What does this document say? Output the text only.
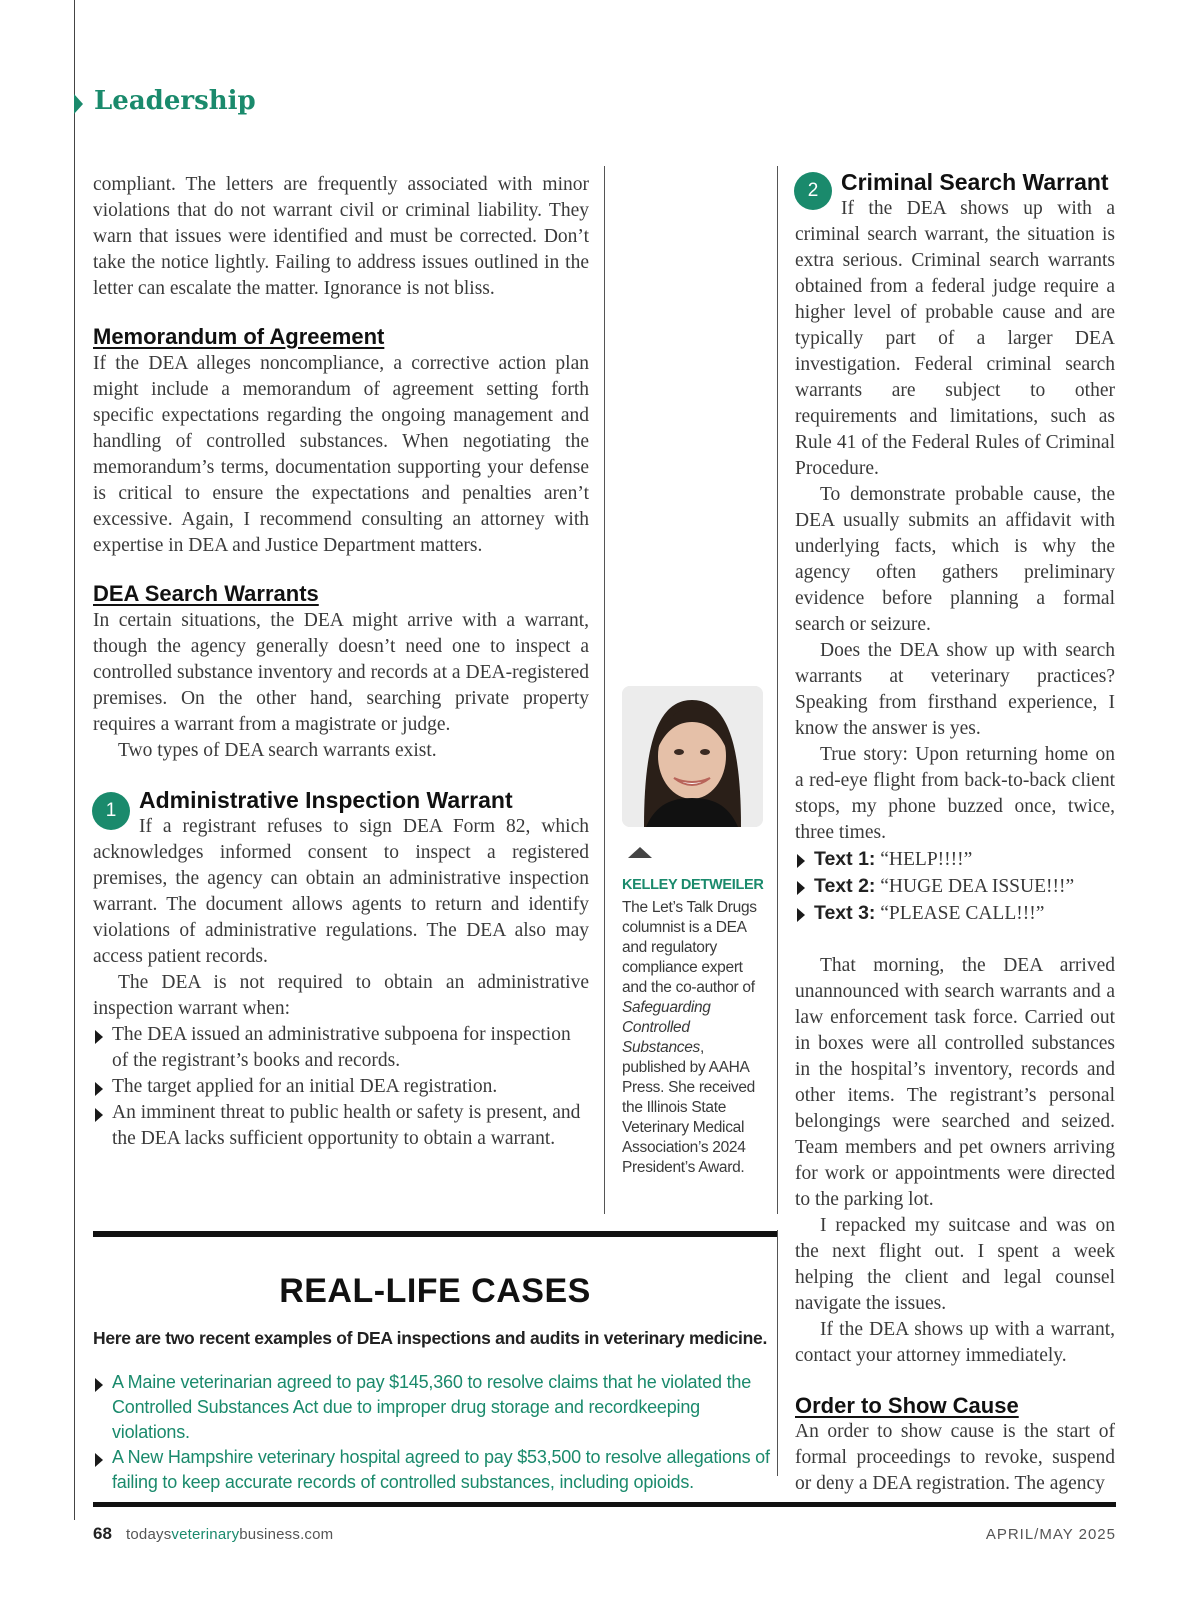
Leadership

compliant. The letters are frequently associated with minor violations that do not warrant civil or criminal liability. They warn that issues were identified and must be corrected. Don’t take the notice lightly. Failing to address issues outlined in the letter can escalate the matter. Ignorance is not bliss.

Memorandum of Agreement

If the DEA alleges noncompliance, a corrective action plan might include a memorandum of agreement setting forth specific expectations regarding the ongoing management and handling of controlled substances. When negotiating the memorandum’s terms, documentation supporting your defense is critical to ensure the expectations and penalties aren’t excessive. Again, I recommend consulting an attorney with expertise in DEA and Justice Department matters.

DEA Search Warrants

In certain situations, the DEA might arrive with a warrant, though the agency generally doesn’t need one to inspect a controlled substance inventory and records at a DEA-registered premises. On the other hand, searching private property requires a warrant from a magistrate or judge.

Two types of DEA search warrants exist.

1 Administrative Inspection Warrant

If a registrant refuses to sign DEA Form 82, which acknowledges informed consent to inspect a registered premises, the agency can obtain an administrative inspection warrant. The document allows agents to return and identify violations of administrative regulations. The DEA also may access patient records.

The DEA is not required to obtain an administrative inspection warrant when:

The DEA issued an administrative subpoena for inspection of the registrant’s books and records.
The target applied for an initial DEA registration.
An imminent threat to public health or safety is present, and the DEA lacks sufficient opportunity to obtain a warrant.
KELLEY DETWEILER
The Let’s Talk Drugs columnist is a DEA and regulatory compliance expert and the co-author of Safeguarding Controlled Substances, published by AAHA Press. She received the Illinois State Veterinary Medical Association’s 2024 President’s Award.
2 Criminal Search Warrant

If the DEA shows up with a criminal search warrant, the situation is extra serious. Criminal search warrants obtained from a federal judge require a higher level of probable cause and are typically part of a larger DEA investigation. Federal criminal search warrants are subject to other requirements and limitations, such as Rule 41 of the Federal Rules of Criminal Procedure.

To demonstrate probable cause, the DEA usually submits an affidavit with underlying facts, which is why the agency often gathers preliminary evidence before planning a formal search or seizure.

Does the DEA show up with search warrants at veterinary practices? Speaking from firsthand experience, I know the answer is yes.

True story: Upon returning home on a red-eye flight from back-to-back client stops, my phone buzzed once, twice, three times.

Text 1: “HELP!!!!”
Text 2: “HUGE DEA ISSUE!!!”
Text 3: “PLEASE CALL!!!”

That morning, the DEA arrived unannounced with search warrants and a law enforcement task force. Carried out in boxes were all controlled substances in the hospital’s inventory, records and other items. The registrant’s personal belongings were searched and seized. Team members and pet owners arriving for work or appointments were directed to the parking lot.

I repacked my suitcase and was on the next flight out. I spent a week helping the client and legal counsel navigate the issues.

If the DEA shows up with a warrant, contact your attorney immediately.

Order to Show Cause

An order to show cause is the start of formal proceedings to revoke, suspend or deny a DEA registration. The agency

REAL-LIFE CASES
Here are two recent examples of DEA inspections and audits in veterinary medicine.
A Maine veterinarian agreed to pay $145,360 to resolve claims that he violated the Controlled Substances Act due to improper drug storage and recordkeeping violations.
A New Hampshire veterinary hospital agreed to pay $53,500 to resolve allegations of failing to keep accurate records of controlled substances, including opioids.
68 todaysveterinarybusiness.com	APRIL/MAY 2025
